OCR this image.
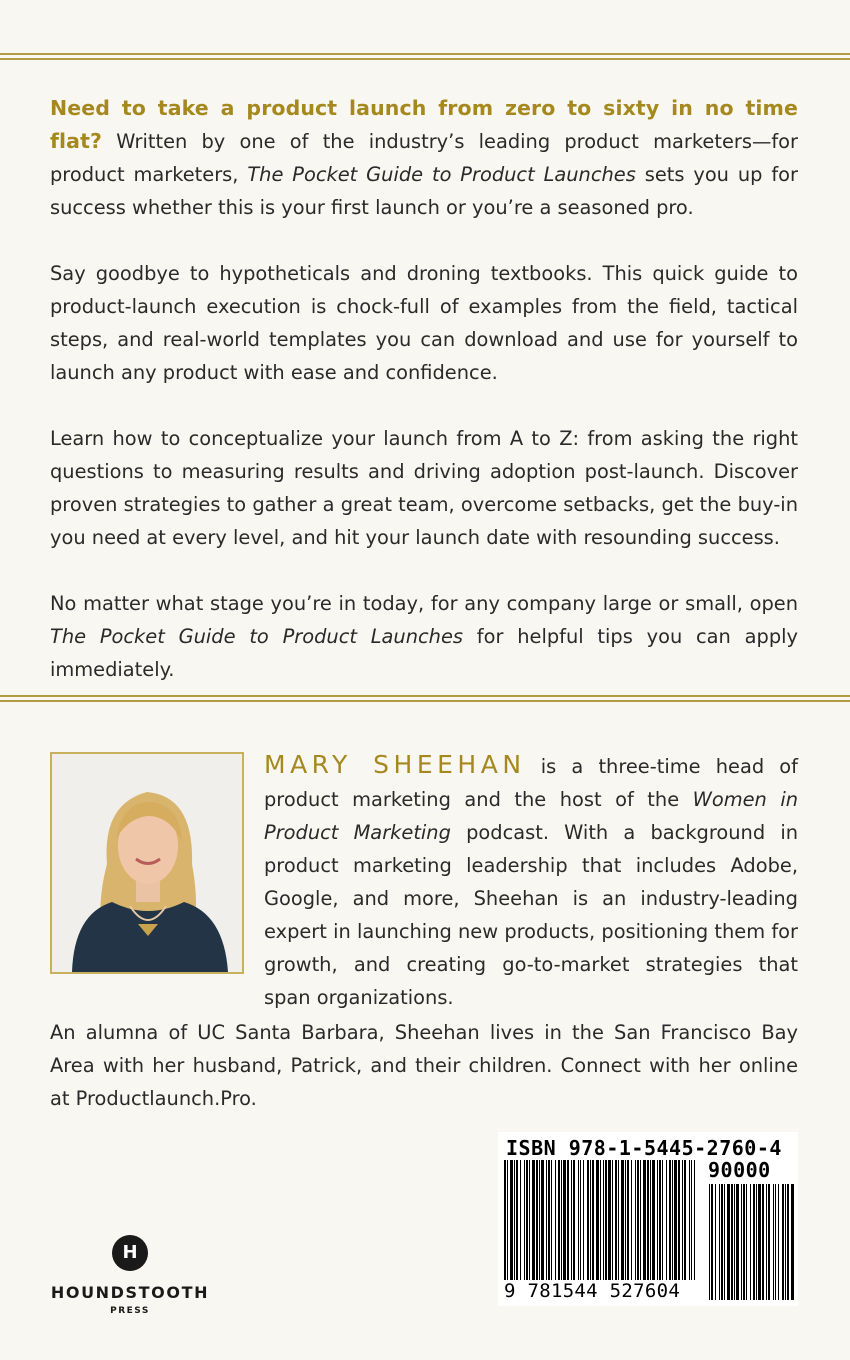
Need to take a product launch from zero to sixty in no time flat? Written by one of the industry’s leading product marketers—for product marketers, The Pocket Guide to Product Launches sets you up for success whether this is your first launch or you’re a seasoned pro.

Say goodbye to hypotheticals and droning textbooks. This quick guide to product-launch execution is chock-full of examples from the field, tactical steps, and real-world templates you can download and use for yourself to launch any product with ease and confidence.

Learn how to conceptualize your launch from A to Z: from asking the right questions to measuring results and driving adoption post-launch. Discover proven strategies to gather a great team, overcome setbacks, get the buy-in you need at every level, and hit your launch date with resounding success.

No matter what stage you’re in today, for any company large or small, open The Pocket Guide to Product Launches for helpful tips you can apply immediately.

MARY SHEEHAN is a three-time head of product marketing and the host of the Women in Product Marketing podcast. With a background in product marketing leadership that includes Adobe, Google, and more, Sheehan is an industry-leading expert in launching new products, positioning them for growth, and creating go-to-market strategies that span organizations.
An alumna of UC Santa Barbara, Sheehan lives in the San Francisco Bay Area with her husband, Patrick, and their children. Connect with her online at Productlaunch.Pro.
H
HOUNDSTOOTH
PRESS
ISBN 978-1-5445-2760-4
90000
9 781544 527604
